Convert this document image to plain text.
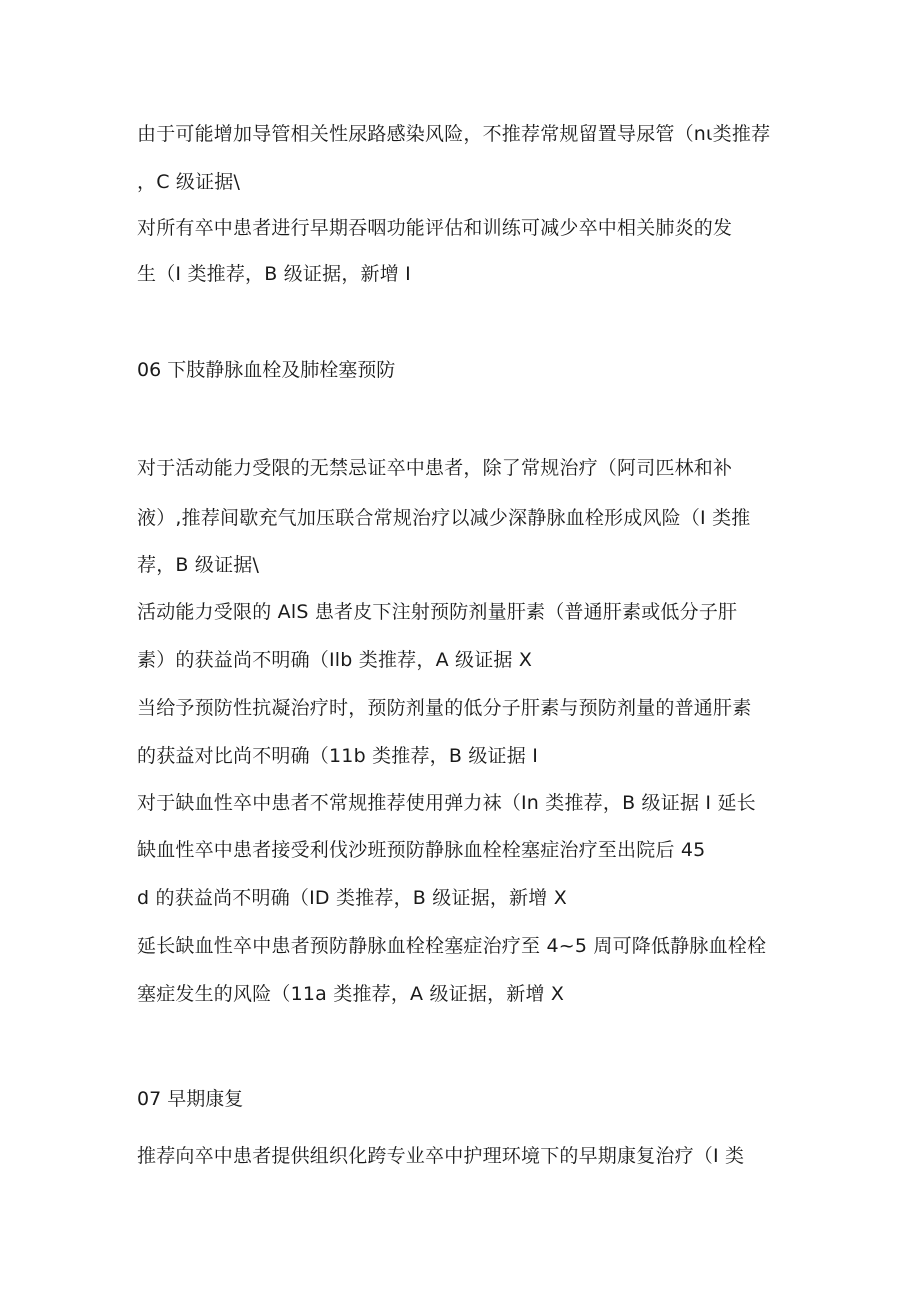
由于可能增加导管相关性尿路感染风险，不推荐常规留置导尿管（nι类推荐
，C 级证据\
对所有卒中患者进行早期吞咽功能评估和训练可减少卒中相关肺炎的发
生（I 类推荐，B 级证据，新增 I
06 下肢静脉血栓及肺栓塞预防
对于活动能力受限的无禁忌证卒中患者，除了常规治疗（阿司匹林和补
液）,推荐间歇充气加压联合常规治疗以减少深静脉血栓形成风险（I 类推
荐，B 级证据\
活动能力受限的 AlS 患者皮下注射预防剂量肝素（普通肝素或低分子肝
素）的获益尚不明确（Ilb 类推荐，A 级证据 X
当给予预防性抗凝治疗时，预防剂量的低分子肝素与预防剂量的普通肝素
的获益对比尚不明确（11b 类推荐，B 级证据 I
对于缺血性卒中患者不常规推荐使用弹力袜（In 类推荐，B 级证据 I 延长
缺血性卒中患者接受利伐沙班预防静脉血栓栓塞症治疗至出院后 45
d 的获益尚不明确（ID 类推荐，B 级证据，新增 X
延长缺血性卒中患者预防静脉血栓栓塞症治疗至 4~5 周可降低静脉血栓栓
塞症发生的风险（11a 类推荐，A 级证据，新增 X
07 早期康复
推荐向卒中患者提供组织化跨专业卒中护理环境下的早期康复治疗（I 类
